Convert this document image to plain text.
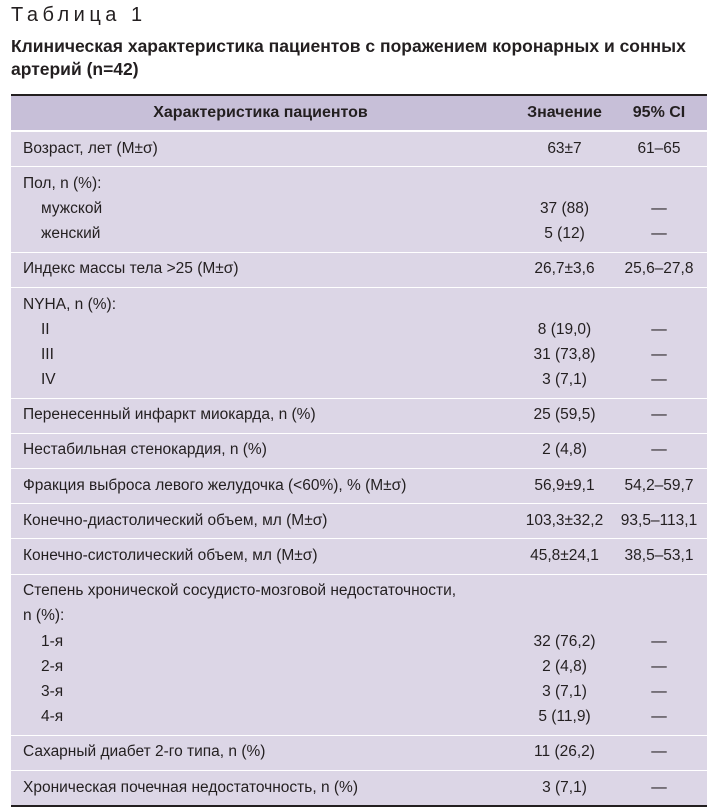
Таблица 1
Клиническая характеристика пациентов с поражением коронарных и сонных артерий (n=42)
Характеристика пациентов	Значение	95% CI
Возраст, лет (M±σ)	63±7	61–65
Пол, n (%):
мужской	37 (88)	—
женский	5 (12)	—
Индекс массы тела >25 (M±σ)	26,7±3,6	25,6–27,8
NYHA, n (%):
II	8 (19,0)	—
III	31 (73,8)	—
IV	3 (7,1)	—
Перенесенный инфаркт миокарда, n (%)	25 (59,5)	—
Нестабильная стенокардия, n (%)	2 (4,8)	—
Фракция выброса левого желудочка (<60%), % (M±σ)	56,9±9,1	54,2–59,7
Конечно-диастолический объем, мл (M±σ)	103,3±32,2	93,5–113,1
Конечно-систолический объем, мл (M±σ)	45,8±24,1	38,5–53,1
Степень хронической сосудисто-мозговой недостаточности,
n (%):
1-я	32 (76,2)	—
2-я	2 (4,8)	—
3-я	3 (7,1)	—
4-я	5 (11,9)	—
Сахарный диабет 2-го типа, n (%)	11 (26,2)	—
Хроническая почечная недостаточность, n (%)	3 (7,1)	—
